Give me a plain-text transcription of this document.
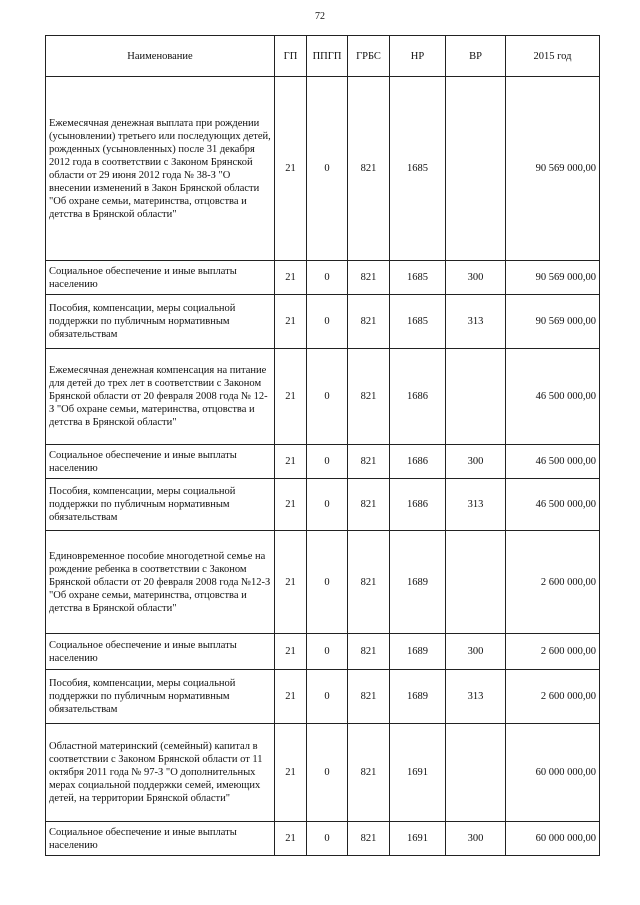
72
Наименование	ГП	ППГП	ГРБС	НР	ВР	2015 год
Ежемесячная денежная выплата при рождении (усыновлении) третьего или последующих детей, рожденных (усыновленных) после 31 декабря 2012 года в соответствии с Законом Брянской области от 29 июня 2012 года № 38-З "О внесении изменений в Закон Брянской области "Об охране семьи, материнства, отцовства и детства в Брянской области"	21	0	821	1685		90 569 000,00
Социальное обеспечение и иные выплаты населению	21	0	821	1685	300	90 569 000,00
Пособия, компенсации, меры социальной поддержки по публичным нормативным обязательствам	21	0	821	1685	313	90 569 000,00
Ежемесячная денежная компенсация на питание для детей до трех лет в соответствии с Законом Брянской области от 20 февраля 2008 года № 12-З "Об охране семьи, материнства, отцовства и детства в Брянской области"	21	0	821	1686		46 500 000,00
Социальное обеспечение и иные выплаты населению	21	0	821	1686	300	46 500 000,00
Пособия, компенсации, меры социальной поддержки по публичным нормативным обязательствам	21	0	821	1686	313	46 500 000,00
Единовременное пособие многодетной семье на рождение ребенка в соответствии с Законом Брянской области от 20 февраля 2008 года №12-З "Об охране семьи, материнства, отцовства и детства в Брянской области"	21	0	821	1689		2 600 000,00
Социальное обеспечение и иные выплаты населению	21	0	821	1689	300	2 600 000,00
Пособия, компенсации, меры социальной поддержки по публичным нормативным обязательствам	21	0	821	1689	313	2 600 000,00
Областной материнский (семейный) капитал в соответствии с Законом Брянской области от 11 октября 2011 года № 97-З "О дополнительных мерах социальной поддержки семей, имеющих детей, на территории Брянской области"	21	0	821	1691		60 000 000,00
Социальное обеспечение и иные выплаты населению	21	0	821	1691	300	60 000 000,00
